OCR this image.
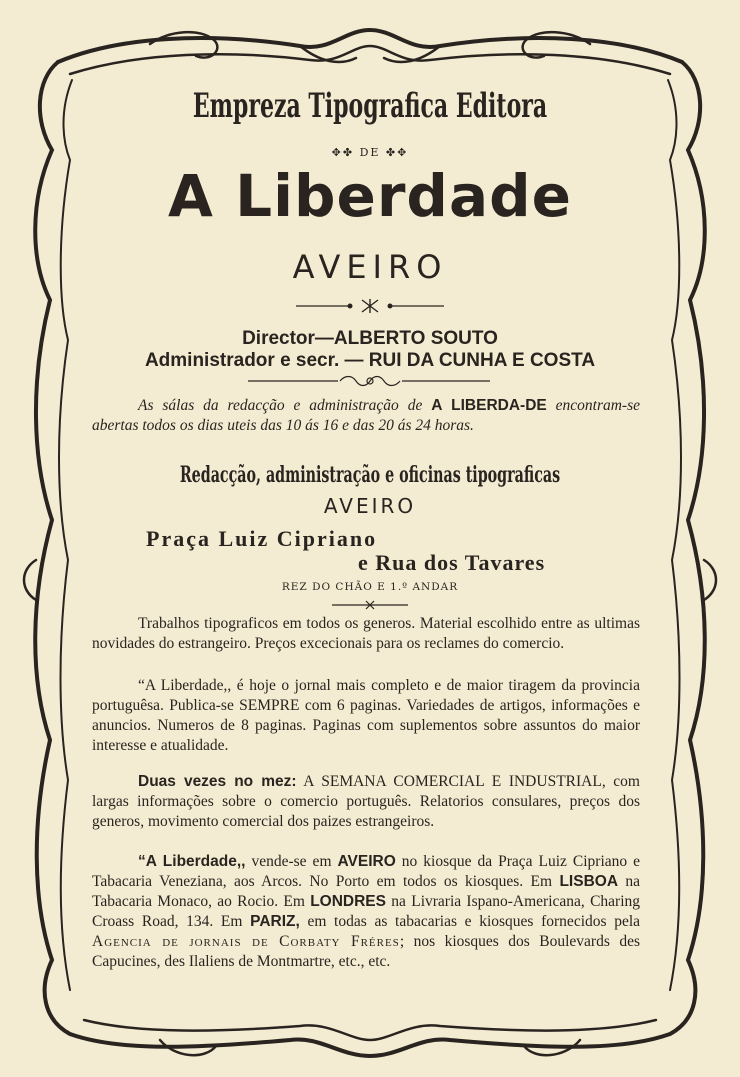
Empreza Tipografica Editora
✥✤ DE ✤✥
A Liberdade
AVEIRO
Director—ALBERTO SOUTO
Administrador e secr. — RUI DA CUNHA E COSTA
As sálas da redacção e administração de A LIBERDA-DE encontram-se abertas todos os dias uteis das 10 ás 16 e das 20 ás 24 horas.
Redacção, administração e oficinas tipograficas
AVEIRO
Praça Luiz Cipriano
e Rua dos Tavares
REZ DO CHÃO E 1.º ANDAR
Trabalhos tipograficos em todos os generos. Material escolhido entre as ultimas novidades do estrangeiro. Preços excecionais para os reclames do comercio.
“A Liberdade,, é hoje o jornal mais completo e de maior tiragem da provincia portuguêsa. Publica-se SEMPRE com 6 paginas. Variedades de artigos, informações e anuncios. Numeros de 8 paginas. Paginas com suplementos sobre assuntos do maior interesse e atualidade.
Duas vezes no mez: A SEMANA COMERCIAL E INDUSTRIAL, com largas informações sobre o comercio português. Relatorios consulares, preços dos generos, movimento comercial dos paizes estrangeiros.
“A Liberdade,, vende-se em AVEIRO no kiosque da Praça Luiz Cipriano e Tabacaria Veneziana, aos Arcos. No Porto em todos os kiosques. Em LISBOA na Tabacaria Monaco, ao Rocio. Em LONDRES na Livraria Ispano-Americana, Charing Croass Road, 134. Em PARIZ, em todas as tabacarias e kiosques fornecidos pela Agencia de jornais de Corbaty Fréres; nos kiosques dos Boulevards des Capucines, des Ilaliens de Montmartre, etc., etc.
